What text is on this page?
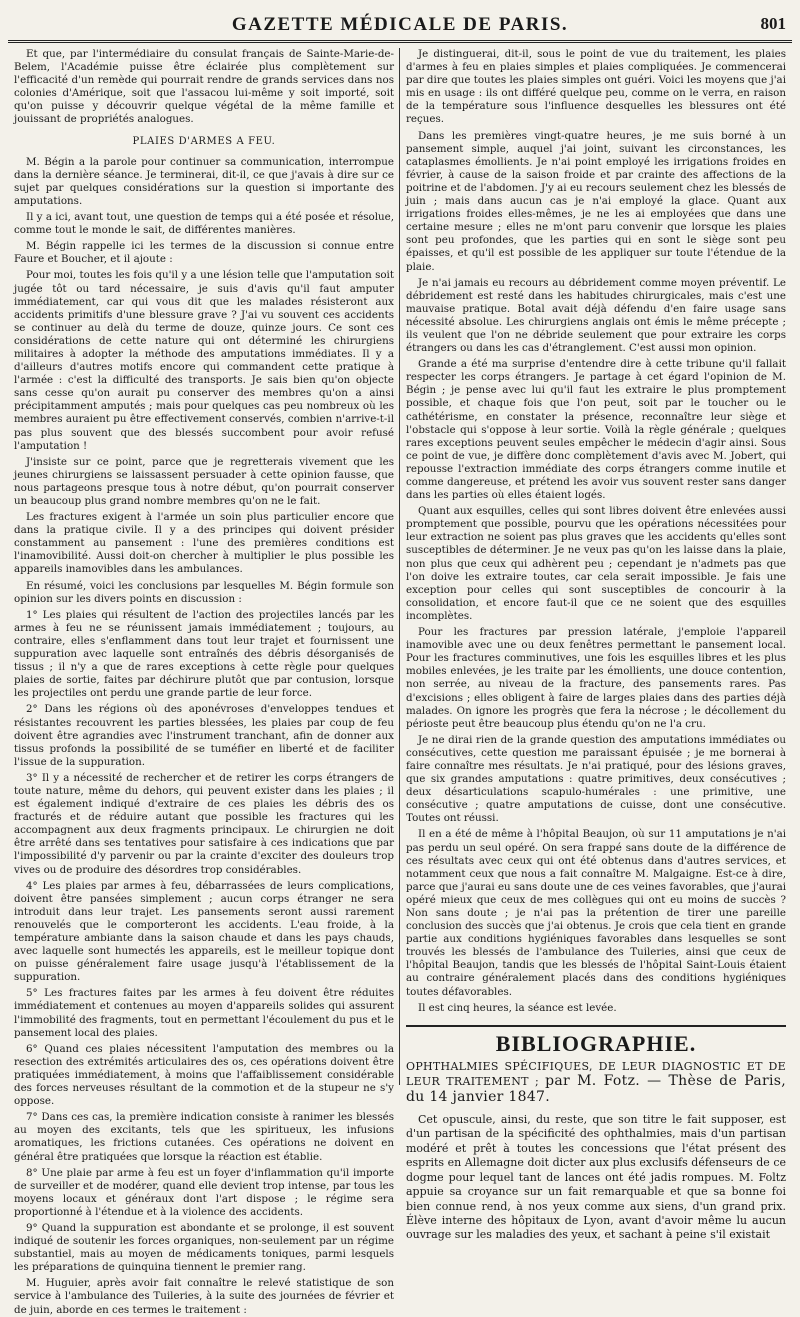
GAZETTE MÉDICALE DE PARIS.	801

Et que, par l'intermédiaire du consulat français de Sainte-Marie-de-Belem, l'Académie puisse être éclairée plus complètement sur l'efficacité d'un remède qui pourrait rendre de grands services dans nos colonies d'Amérique, soit que l'assacou lui-même y soit importé, soit qu'on puisse y découvrir quelque végétal de la même famille et jouissant de propriétés analogues.

PLAIES D'ARMES A FEU.

M. Bégin a la parole pour continuer sa communication, interrompue dans la dernière séance. Je terminerai, dit-il, ce que j'avais à dire sur ce sujet par quelques considérations sur la question si importante des amputations.

Il y a ici, avant tout, une question de temps qui a été posée et résolue, comme tout le monde le sait, de différentes manières.

M. Bégin rappelle ici les termes de la discussion si connue entre Faure et Boucher, et il ajoute :

Pour moi, toutes les fois qu'il y a une lésion telle que l'amputation soit jugée tôt ou tard nécessaire, je suis d'avis qu'il faut amputer immédiatement, car qui vous dit que les malades résisteront aux accidents primitifs d'une blessure grave ? J'ai vu souvent ces accidents se continuer au delà du terme de douze, quinze jours. Ce sont ces considérations de cette nature qui ont déterminé les chirurgiens militaires à adopter la méthode des amputations immédiates. Il y a d'ailleurs d'autres motifs encore qui commandent cette pratique à l'armée : c'est la difficulté des transports. Je sais bien qu'on objecte sans cesse qu'on aurait pu conserver des membres qu'on a ainsi précipitamment amputés ; mais pour quelques cas peu nombreux où les membres auraient pu être effectivement conservés, combien n'arrive-t-il pas plus souvent que des blessés succombent pour avoir refusé l'amputation !

J'insiste sur ce point, parce que je regretterais vivement que les jeunes chirurgiens se laissassent persuader à cette opinion fausse, que nous partageons presque tous à notre début, qu'on pourrait conserver un beaucoup plus grand nombre membres qu'on ne le fait.

Les fractures exigent à l'armée un soin plus particulier encore que dans la pratique civile. Il y a des principes qui doivent présider constamment au pansement : l'une des premières conditions est l'inamovibilité. Aussi doit-on chercher à multiplier le plus possible les appareils inamovibles dans les ambulances.

En résumé, voici les conclusions par lesquelles M. Bégin formule son opinion sur les divers points en discussion :

1° Les plaies qui résultent de l'action des projectiles lancés par les armes à feu ne se réunissent jamais immédiatement ; toujours, au contraire, elles s'enflamment dans tout leur trajet et fournissent une suppuration avec laquelle sont entraînés des débris désorganisés de tissus ; il n'y a que de rares exceptions à cette règle pour quelques plaies de sortie, faites par déchirure plutôt que par contusion, lorsque les projectiles ont perdu une grande partie de leur force.

2° Dans les régions où des aponévroses d'enveloppes tendues et résistantes recouvrent les parties blessées, les plaies par coup de feu doivent être agrandies avec l'instrument tranchant, afin de donner aux tissus profonds la possibilité de se tuméfier en liberté et de faciliter l'issue de la suppuration.

3° Il y a nécessité de rechercher et de retirer les corps étrangers de toute nature, même du dehors, qui peuvent exister dans les plaies ; il est également indiqué d'extraire de ces plaies les débris des os fracturés et de réduire autant que possible les fractures qui les accompagnent aux deux fragments principaux. Le chirurgien ne doit être arrêté dans ses tentatives pour satisfaire à ces indications que par l'impossibilité d'y parvenir ou par la crainte d'exciter des douleurs trop vives ou de produire des désordres trop considérables.

4° Les plaies par armes à feu, débarrassées de leurs complications, doivent être pansées simplement ; aucun corps étranger ne sera introduit dans leur trajet. Les pansements seront aussi rarement renouvelés que le comporteront les accidents. L'eau froide, à la température ambiante dans la saison chaude et dans les pays chauds, avec laquelle sont humectés les appareils, est le meilleur topique dont on puisse généralement faire usage jusqu'à l'établissement de la suppuration.

5° Les fractures faites par les armes à feu doivent être réduites immédiatement et contenues au moyen d'appareils solides qui assurent l'immobilité des fragments, tout en permettant l'écoulement du pus et le pansement local des plaies.

6° Quand ces plaies nécessitent l'amputation des membres ou la resection des extrémités articulaires des os, ces opérations doivent être pratiquées immédiatement, à moins que l'affaiblissement considérable des forces nerveuses résultant de la commotion et de la stupeur ne s'y oppose.

7° Dans ces cas, la première indication consiste à ranimer les blessés au moyen des excitants, tels que les spiritueux, les infusions aromatiques, les frictions cutanées. Ces opérations ne doivent en général être pratiquées que lorsque la réaction est établie.

8° Une plaie par arme à feu est un foyer d'inflammation qu'il importe de surveiller et de modérer, quand elle devient trop intense, par tous les moyens locaux et généraux dont l'art dispose ; le régime sera proportionné à l'étendue et à la violence des accidents.

9° Quand la suppuration est abondante et se prolonge, il est souvent indiqué de soutenir les forces organiques, non-seulement par un régime substantiel, mais au moyen de médicaments toniques, parmi lesquels les préparations de quinquina tiennent le premier rang.

M. Huguier, après avoir fait connaître le relevé statistique de son service à l'ambulance des Tuileries, à la suite des journées de février et de juin, aborde en ces termes le traitement :

Je distinguerai, dit-il, sous le point de vue du traitement, les plaies d'armes à feu en plaies simples et plaies compliquées. Je commencerai par dire que toutes les plaies simples ont guéri. Voici les moyens que j'ai mis en usage : ils ont différé quelque peu, comme on le verra, en raison de la température sous l'influence desquelles les blessures ont été reçues.

Dans les premières vingt-quatre heures, je me suis borné à un pansement simple, auquel j'ai joint, suivant les circonstances, les cataplasmes émollients. Je n'ai point employé les irrigations froides en février, à cause de la saison froide et par crainte des affections de la poitrine et de l'abdomen. J'y ai eu recours seulement chez les blessés de juin ; mais dans aucun cas je n'ai employé la glace. Quant aux irrigations froides elles-mêmes, je ne les ai employées que dans une certaine mesure ; elles ne m'ont paru convenir que lorsque les plaies sont peu profondes, que les parties qui en sont le siège sont peu épaisses, et qu'il est possible de les appliquer sur toute l'étendue de la plaie.

Je n'ai jamais eu recours au débridement comme moyen préventif. Le débridement est resté dans les habitudes chirurgicales, mais c'est une mauvaise pratique. Botal avait déjà défendu d'en faire usage sans nécessité absolue. Les chirurgiens anglais ont émis le même précepte ; ils veulent que l'on ne débride seulement que pour extraire les corps étrangers ou dans les cas d'étranglement. C'est aussi mon opinion.

Grande a été ma surprise d'entendre dire à cette tribune qu'il fallait respecter les corps étrangers. Je partage à cet égard l'opinion de M. Bégin ; je pense avec lui qu'il faut les extraire le plus promptement possible, et chaque fois que l'on peut, soit par le toucher ou le cathétérisme, en constater la présence, reconnaître leur siège et l'obstacle qui s'oppose à leur sortie. Voilà la règle générale ; quelques rares exceptions peuvent seules empêcher le médecin d'agir ainsi. Sous ce point de vue, je diffère donc complètement d'avis avec M. Jobert, qui repousse l'extraction immédiate des corps étrangers comme inutile et comme dangereuse, et prétend les avoir vus souvent rester sans danger dans les parties où elles étaient logés.

Quant aux esquilles, celles qui sont libres doivent être enlevées aussi promptement que possible, pourvu que les opérations nécessitées pour leur extraction ne soient pas plus graves que les accidents qu'elles sont susceptibles de déterminer. Je ne veux pas qu'on les laisse dans la plaie, non plus que ceux qui adhèrent peu ; cependant je n'admets pas que l'on doive les extraire toutes, car cela serait impossible. Je fais une exception pour celles qui sont susceptibles de concourir à la consolidation, et encore faut-il que ce ne soient que des esquilles incomplètes.

Pour les fractures par pression latérale, j'emploie l'appareil inamovible avec une ou deux fenêtres permettant le pansement local. Pour les fractures comminutives, une fois les esquilles libres et les plus mobiles enlevées, je les traite par les émollients, une douce contention, non serrée, au niveau de la fracture, des pansements rares. Pas d'excisions ; elles obligent à faire de larges plaies dans des parties déjà malades. On ignore les progrès que fera la nécrose ; le décollement du périoste peut être beaucoup plus étendu qu'on ne l'a cru.

Je ne dirai rien de la grande question des amputations immédiates ou consécutives, cette question me paraissant épuisée ; je me bornerai à faire connaître mes résultats. Je n'ai pratiqué, pour des lésions graves, que six grandes amputations : quatre primitives, deux consécutives ; deux désarticulations scapulo-humérales : une primitive, une consécutive ; quatre amputations de cuisse, dont une consécutive. Toutes ont réussi.

Il en a été de même à l'hôpital Beaujon, où sur 11 amputations je n'ai pas perdu un seul opéré. On sera frappé sans doute de la différence de ces résultats avec ceux qui ont été obtenus dans d'autres services, et notamment ceux que nous a fait connaître M. Malgaigne. Est-ce à dire, parce que j'aurai eu sans doute une de ces veines favorables, que j'aurai opéré mieux que ceux de mes collègues qui ont eu moins de succès ? Non sans doute ; je n'ai pas la prétention de tirer une pareille conclusion des succès que j'ai obtenus. Je crois que cela tient en grande partie aux conditions hygiéniques favorables dans lesquelles se sont trouvés les blessés de l'ambulance des Tuileries, ainsi que ceux de l'hôpital Beaujon, tandis que les blessés de l'hôpital Saint-Louis étaient au contraire généralement placés dans des conditions hygiéniques toutes défavorables.

Il est cinq heures, la séance est levée.

BIBLIOGRAPHIE.

OPHTHALMIES SPÉCIFIQUES, DE LEUR DIAGNOSTIC ET DE LEUR TRAITEMENT ; par M. Fotz. — Thèse de Paris, du 14 janvier 1847.

Cet opuscule, ainsi, du reste, que son titre le fait supposer, est d'un partisan de la spécificité des ophthalmies, mais d'un partisan modéré et prêt à toutes les concessions que l'état présent des esprits en Allemagne doit dicter aux plus exclusifs défenseurs de ce dogme pour lequel tant de lances ont été jadis rompues. M. Foltz appuie sa croyance sur un fait remarquable et que sa bonne foi bien connue rend, à nos yeux comme aux siens, d'un grand prix. Élève interne des hôpitaux de Lyon, avant d'avoir même lu aucun ouvrage sur les maladies des yeux, et sachant à peine s'il existait
